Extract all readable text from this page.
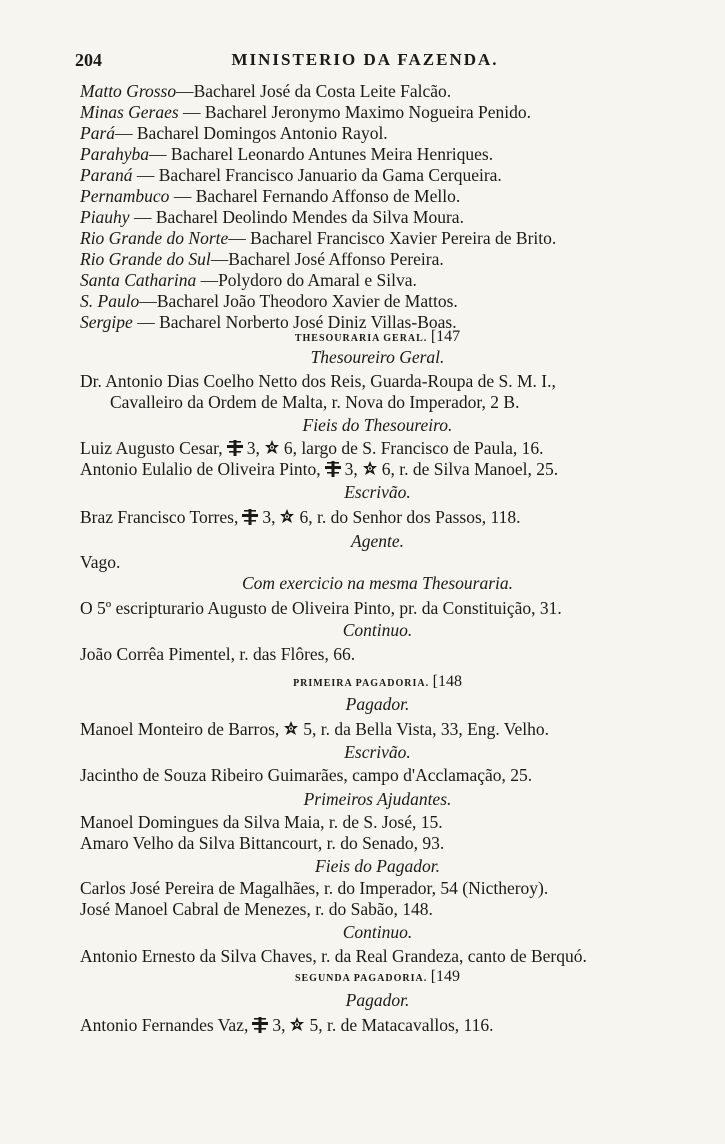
204	MINISTERIO DA FAZENDA.
Matto Grosso—Bacharel José da Costa Leite Falcão.
Minas Geraes — Bacharel Jeronymo Maximo Nogueira Penido.
Pará— Bacharel Domingos Antonio Rayol.
Parahyba— Bacharel Leonardo Antunes Meira Henriques.
Paraná — Bacharel Francisco Januario da Gama Cerqueira.
Pernambuco — Bacharel Fernando Affonso de Mello.
Piauhy — Bacharel Deolindo Mendes da Silva Moura.
Rio Grande do Norte— Bacharel Francisco Xavier Pereira de Brito.
Rio Grande do Sul—Bacharel José Affonso Pereira.
Santa Catharina —Polydoro do Amaral e Silva.
S. Paulo—Bacharel João Theodoro Xavier de Mattos.
Sergipe — Bacharel Norberto José Diniz Villas-Boas.
THESOURARIA GERAL. [147
Thesoureiro Geral.
Dr. Antonio Dias Coelho Netto dos Reis, Guarda-Roupa de S. M. I.,
Cavalleiro da Ordem de Malta, r. Nova do Imperador, 2 B.
Fieis do Thesoureiro.
Luiz Augusto Cesar, 3, 6, largo de S. Francisco de Paula, 16.
Antonio Eulalio de Oliveira Pinto, 3, 6, r. de Silva Manoel, 25.
Escrivão.
Braz Francisco Torres, 3, 6, r. do Senhor dos Passos, 118.
Agente.
Vago.
Com exercicio na mesma Thesouraria.
O 5º escripturario Augusto de Oliveira Pinto, pr. da Constituição, 31.
Continuo.
João Corrêa Pimentel, r. das Flôres, 66.
PRIMEIRA PAGADORIA. [148
Pagador.
Manoel Monteiro de Barros, 5, r. da Bella Vista, 33, Eng. Velho.
Escrivão.
Jacintho de Souza Ribeiro Guimarães, campo d'Acclamação, 25.
Primeiros Ajudantes.
Manoel Domingues da Silva Maia, r. de S. José, 15.
Amaro Velho da Silva Bittancourt, r. do Senado, 93.
Fieis do Pagador.
Carlos José Pereira de Magalhães, r. do Imperador, 54 (Nictheroy).
José Manoel Cabral de Menezes, r. do Sabão, 148.
Continuo.
Antonio Ernesto da Silva Chaves, r. da Real Grandeza, canto de Berquó.
SEGUNDA PAGADORIA. [149
Pagador.
Antonio Fernandes Vaz, 3, 5, r. de Matacavallos, 116.
